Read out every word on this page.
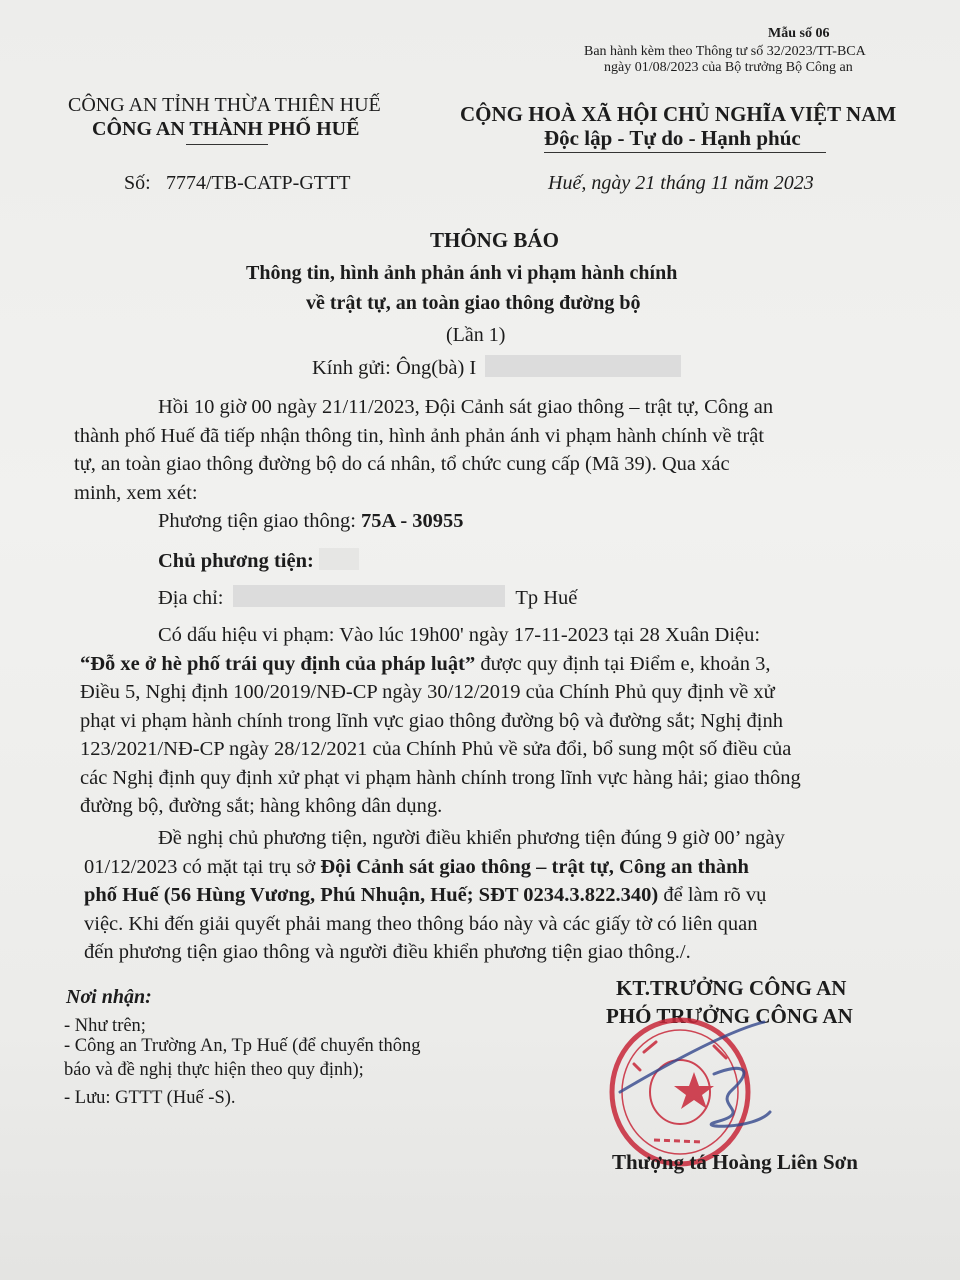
Mẫu số 06
Ban hành kèm theo Thông tư số 32/2023/TT-BCA
ngày 01/08/2023 của Bộ trưởng Bộ Công an
CÔNG AN TỈNH THỪA THIÊN HUẾ
CÔNG AN THÀNH PHỐ HUẾ
Số: 7774/TB-CATP-GTTT
CỘNG HOÀ XÃ HỘI CHỦ NGHĨA VIỆT NAM
Độc lập - Tự do - Hạnh phúc
Huế, ngày 21 tháng 11 năm 2023
THÔNG BÁO
Thông tin, hình ảnh phản ánh vi phạm hành chính
về trật tự, an toàn giao thông đường bộ
(Lần 1)
Kính gửi: Ông(bà) I
Hồi 10 giờ 00 ngày 21/11/2023, Đội Cảnh sát giao thông – trật tự, Công an
thành phố Huế đã tiếp nhận thông tin, hình ảnh phản ánh vi phạm hành chính về trật
tự, an toàn giao thông đường bộ do cá nhân, tổ chức cung cấp (Mã 39). Qua xác
minh, xem xét:
Phương tiện giao thông: 75A - 30955
Chủ phương tiện:
Địa chỉ:	Tp Huế
Có dấu hiệu vi phạm: Vào lúc 19h00' ngày 17-11-2023 tại 28 Xuân Diệu:
“Đỗ xe ở hè phố trái quy định của pháp luật” được quy định tại Điểm e, khoản 3,
Điều 5, Nghị định 100/2019/NĐ-CP ngày 30/12/2019 của Chính Phủ quy định về xử
phạt vi phạm hành chính trong lĩnh vực giao thông đường bộ và đường sắt; Nghị định
123/2021/NĐ-CP ngày 28/12/2021 của Chính Phủ về sửa đổi, bổ sung một số điều của
các Nghị định quy định xử phạt vi phạm hành chính trong lĩnh vực hàng hải; giao thông
đường bộ, đường sắt; hàng không dân dụng.
Đề nghị chủ phương tiện, người điều khiển phương tiện đúng 9 giờ 00’ ngày
01/12/2023 có mặt tại trụ sở Đội Cảnh sát giao thông – trật tự, Công an thành
phố Huế (56 Hùng Vương, Phú Nhuận, Huế; SĐT 0234.3.822.340) để làm rõ vụ
việc. Khi đến giải quyết phải mang theo thông báo này và các giấy tờ có liên quan
đến phương tiện giao thông và người điều khiển phương tiện giao thông./.
Nơi nhận:
- Như trên;
- Công an Trường An, Tp Huế (để chuyển thông
báo và đề nghị thực hiện theo quy định);
- Lưu: GTTT (Huế -S).
KT.TRƯỞNG CÔNG AN
PHÓ TRƯỞNG CÔNG AN
Thượng tá Hoàng Liên Sơn
